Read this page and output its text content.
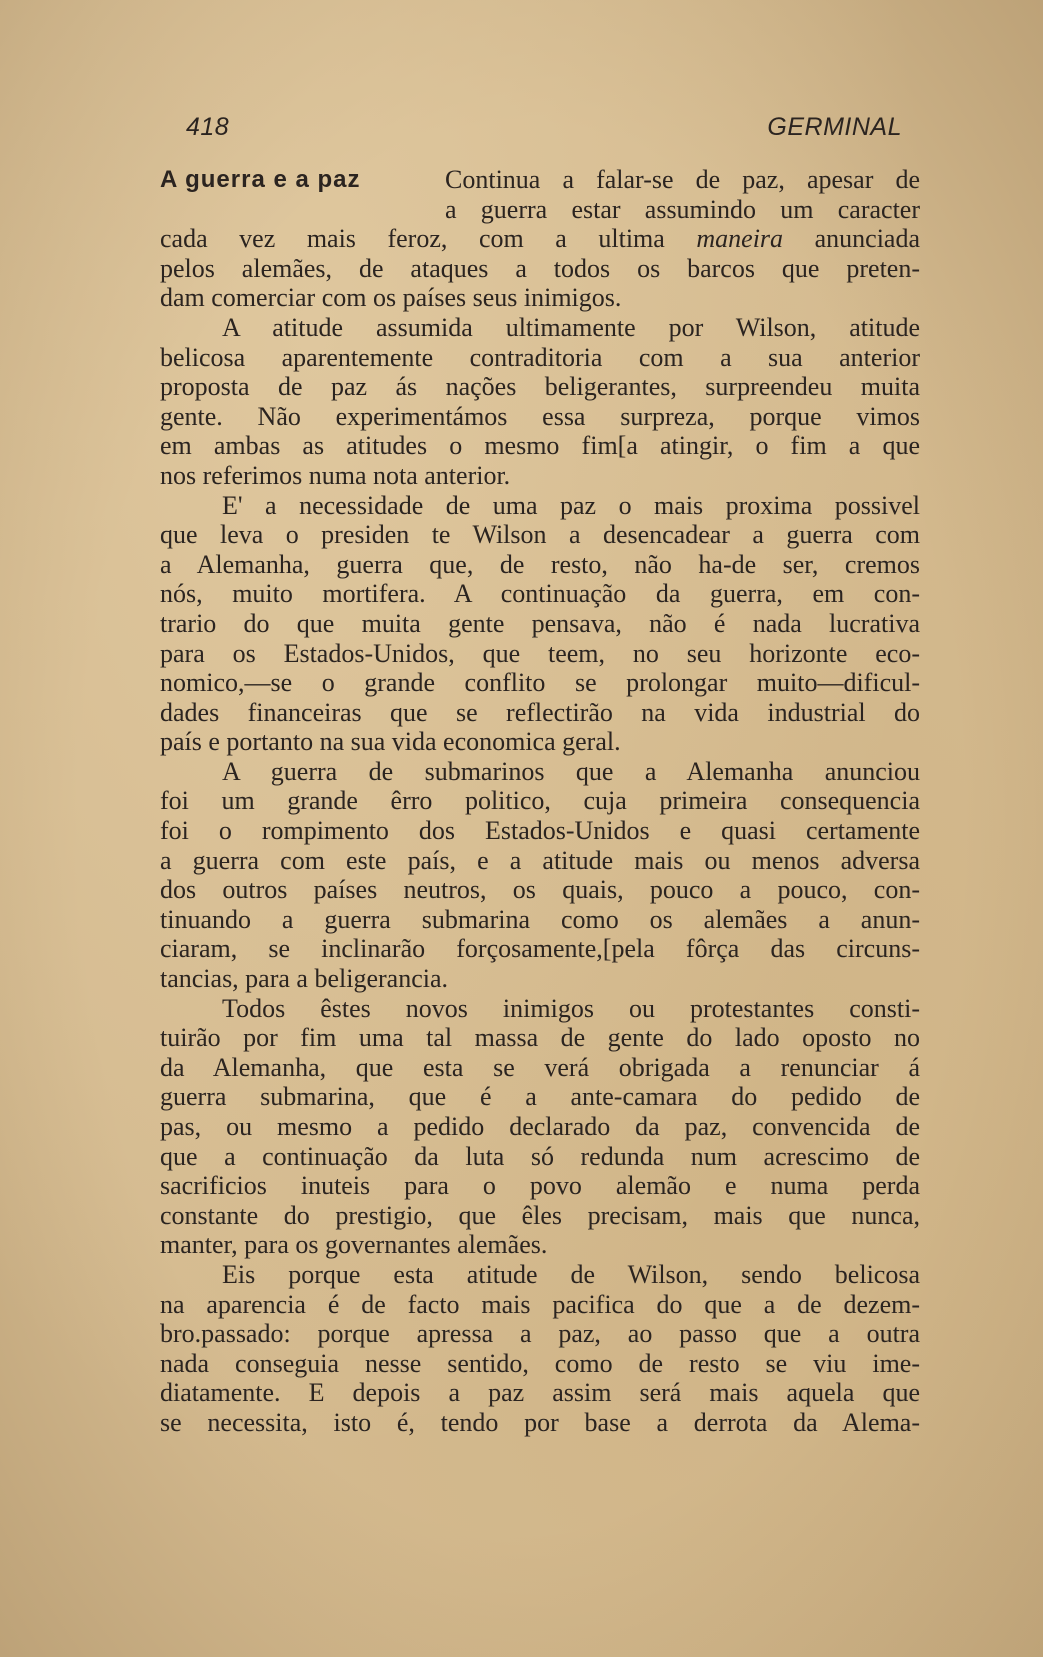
418	GERMINAL
A guerra e a paz	Continua a falar-se de paz, apesar de
a guerra estar assumindo um caracter
cada vez mais feroz, com a ultima maneira anunciada
pelos alemães, de ataques a todos os barcos que preten-
dam comerciar com os países seus inimigos.
A atitude assumida ultimamente por Wilson, atitude
belicosa aparentemente contraditoria com a sua anterior
proposta de paz ás nações beligerantes, surpreendeu muita
gente. Não experimentámos essa surpreza, porque vimos
em ambas as atitudes o mesmo fim[a atingir, o fim a que
nos referimos numa nota anterior.
E' a necessidade de uma paz o mais proxima possivel
que leva o presiden te Wilson a desencadear a guerra com
a Alemanha, guerra que, de resto, não ha-de ser, cremos
nós, muito mortifera. A continuação da guerra, em con-
trario do que muita gente pensava, não é nada lucrativa
para os Estados-Unidos, que teem, no seu horizonte eco-
nomico,—se o grande conflito se prolongar muito—dificul-
dades financeiras que se reflectirão na vida industrial do
país e portanto na sua vida economica geral.
A guerra de submarinos que a Alemanha anunciou
foi um grande êrro politico, cuja primeira consequencia
foi o rompimento dos Estados-Unidos e quasi certamente
a guerra com este país, e a atitude mais ou menos adversa
dos outros países neutros, os quais, pouco a pouco, con-
tinuando a guerra submarina como os alemães a anun-
ciaram, se inclinarão forçosamente,[pela fôrça das circuns-
tancias, para a beligerancia.
Todos êstes novos inimigos ou protestantes consti-
tuirão por fim uma tal massa de gente do lado oposto no
da Alemanha, que esta se verá obrigada a renunciar á
guerra submarina, que é a ante-camara do pedido de
pas, ou mesmo a pedido declarado da paz, convencida de
que a continuação da luta só redunda num acrescimo de
sacrificios inuteis para o povo alemão e numa perda
constante do prestigio, que êles precisam, mais que nunca,
manter, para os governantes alemães.
Eis porque esta atitude de Wilson, sendo belicosa
na aparencia é de facto mais pacifica do que a de dezem-
bro.passado: porque apressa a paz, ao passo que a outra
nada conseguia nesse sentido, como de resto se viu ime-
diatamente. E depois a paz assim será mais aquela que
se necessita, isto é, tendo por base a derrota da Alema-
